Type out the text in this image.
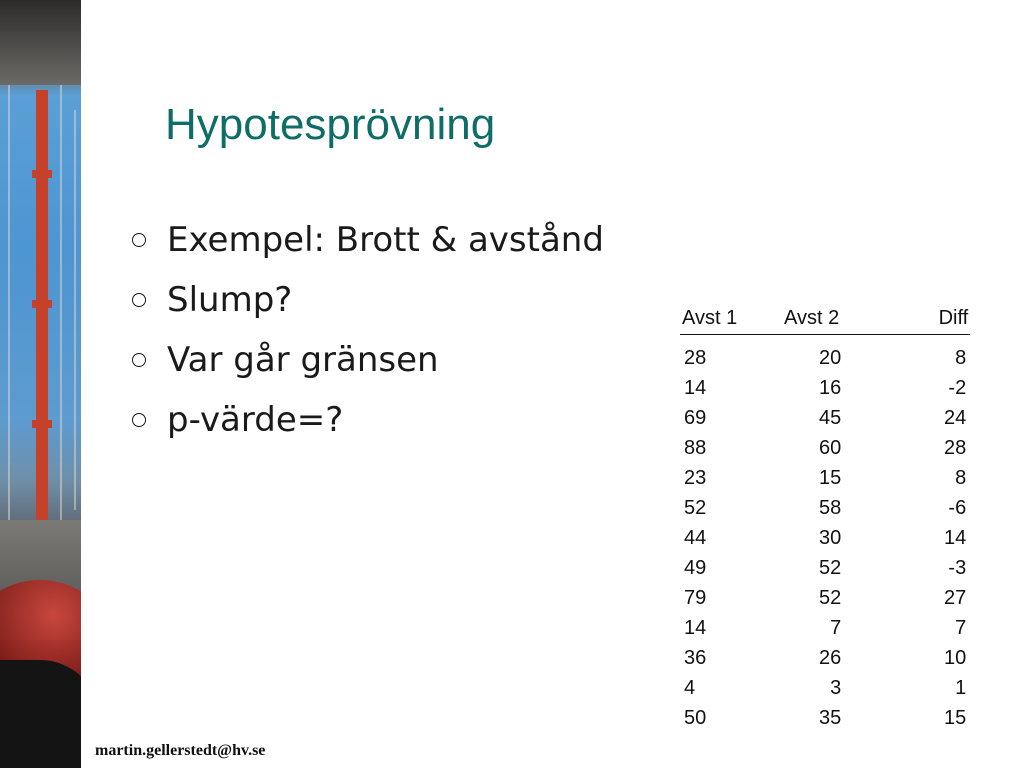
Hypotesprövning
Exempel: Brott & avstånd
Slump?
Var går gränsen
p-värde=?
Avst 1	Avst 2	Diff
28	20	8
14	16	-2
69	45	24
88	60	28
23	15	8
52	58	-6
44	30	14
49	52	-3
79	52	27
14	7	7
36	26	10
4	3	1
50	35	15
martin.gellerstedt@hv.se
